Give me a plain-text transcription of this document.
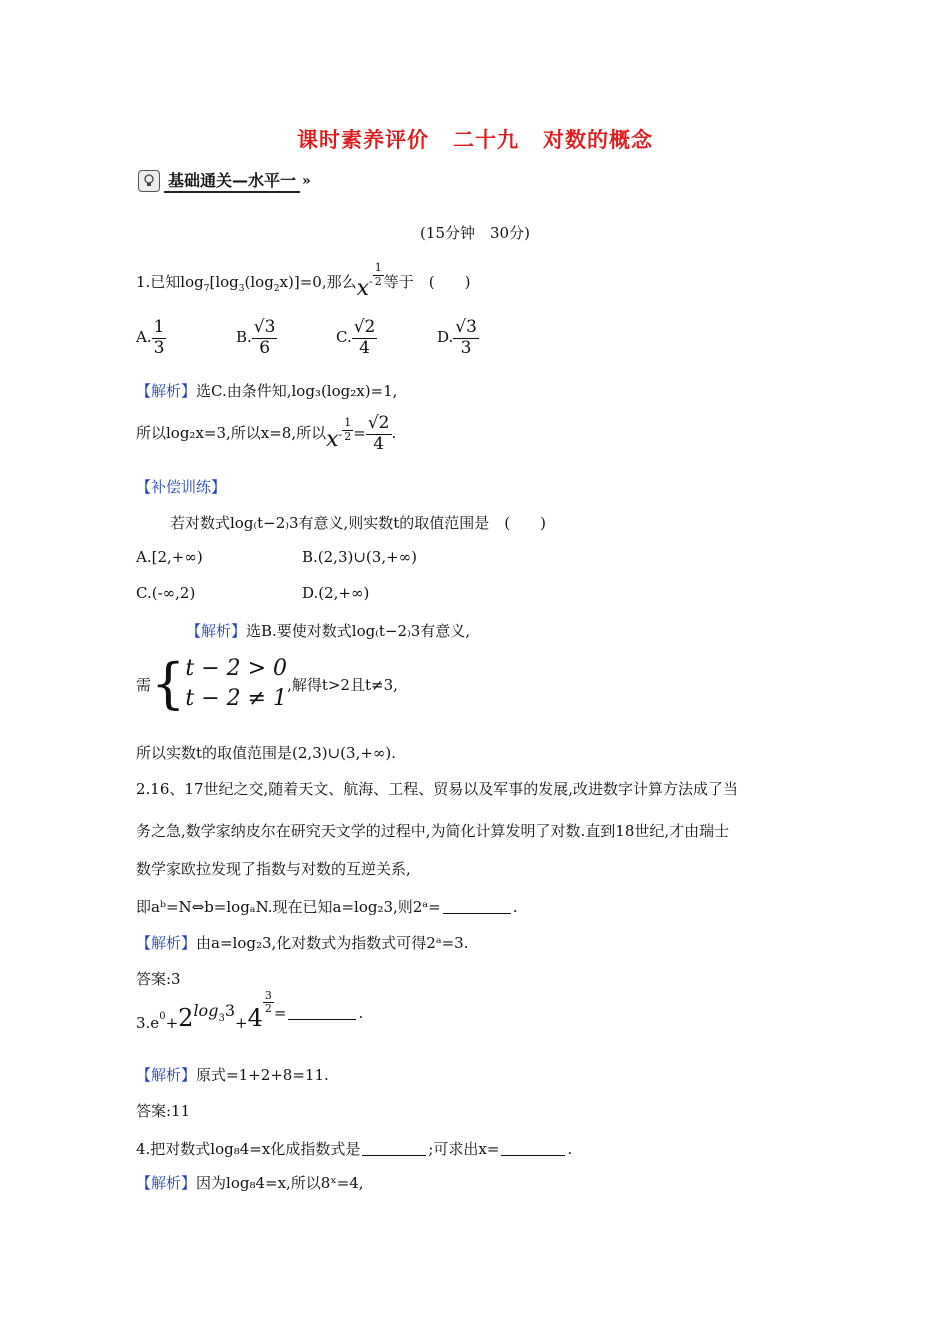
课时素养评价 二十九 对数的概念
基础通关—水平一 »
(15分钟　30分)
1.已知$\log_7[\log_3(\log_2x)]=0$,那么$x- \frac{1}{2}$ 等于　(　　)
A. $\frac{1}{3}$	B. $\frac{√3}{6}$	C. $\frac{√2}{4}$	D. $\frac{√3}{3}$
【解析】选C.由条件知,log₃(log₂x)=1,
所以log₂x=3,所以x=8,所以$x- \frac{1}{2} = \frac{√2}{4}$ .
【补偿训练】
若对数式log₍t−2₎3有意义,则实数t的取值范围是　(　　)
A.[2,+∞)	B.(2,3)∪(3,+∞)
C.(-∞,2)	D.(2,+∞)
【解析】选B.要使对数式log₍t−2₎3有意义,
需 { t − 2 > 0
t − 2 ≠ 1
,解得t>2且t≠3,
所以实数t的取值范围是(2,3)∪(3,+∞).
2.16、17世纪之交,随着天文、航海、工程、贸易以及军事的发展,改进数字计算方法成了当
务之急,数学家纳皮尔在研究天文学的过程中,为简化计算发明了对数.直到18世纪,才由瑞士
数学家欧拉发现了指数与对数的互逆关系,
即aᵇ=N⇔b=logₐN.现在已知a=log₂3,则2ᵃ=	.
【解析】由a=log₂3,化对数式为指数式可得2ᵃ=3.
答案:3
3.e 0 + 2 log 3 3
+ 4
$\frac{3}{2}$ =	.
【解析】原式=1+2+8=11.
答案:11
4.把对数式log₈4=x化成指数式是	;可求出x=	.
【解析】因为log₈4=x,所以8ˣ=4,
